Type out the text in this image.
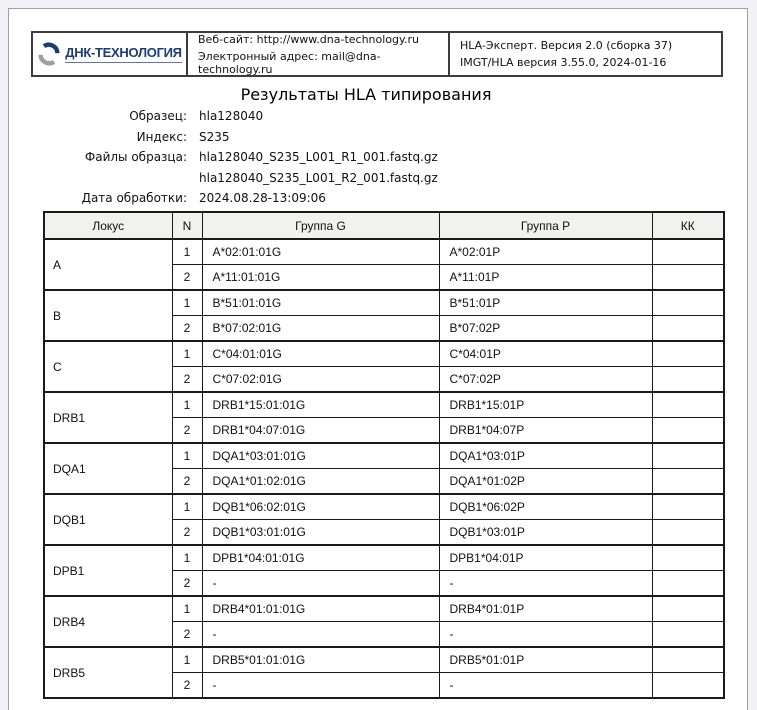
ДНК-ТЕХНОЛОГИЯ
Веб-сайт: http://www.dna-technology.ru
Электронный адрес: mail@dna-technology.ru
HLA-Эксперт. Версия 2.0 (сборка 37)
IMGT/HLA версия 3.55.0, 2024-01-16
Результаты HLA типирования
Образец: hla128040
Индекс: S235
Файлы образца: hla128040_S235_L001_R1_001.fastq.gz
hla128040_S235_L001_R2_001.fastq.gz
Дата обработки: 2024.08.28-13:09:06
Локус	N	Группа G	Группа P	КК
A	1	A*02:01:01G	A*02:01P	
	2	A*11:01:01G	A*11:01P	
B	1	B*51:01:01G	B*51:01P	
	2	B*07:02:01G	B*07:02P	
C	1	C*04:01:01G	C*04:01P	
	2	C*07:02:01G	C*07:02P	
DRB1	1	DRB1*15:01:01G	DRB1*15:01P	
	2	DRB1*04:07:01G	DRB1*04:07P	
DQA1	1	DQA1*03:01:01G	DQA1*03:01P	
	2	DQA1*01:02:01G	DQA1*01:02P	
DQB1	1	DQB1*06:02:01G	DQB1*06:02P	
	2	DQB1*03:01:01G	DQB1*03:01P	
DPB1	1	DPB1*04:01:01G	DPB1*04:01P	
	2	-	-	
DRB4	1	DRB4*01:01:01G	DRB4*01:01P	
	2	-	-	
DRB5	1	DRB5*01:01:01G	DRB5*01:01P	
	2	-	-	
